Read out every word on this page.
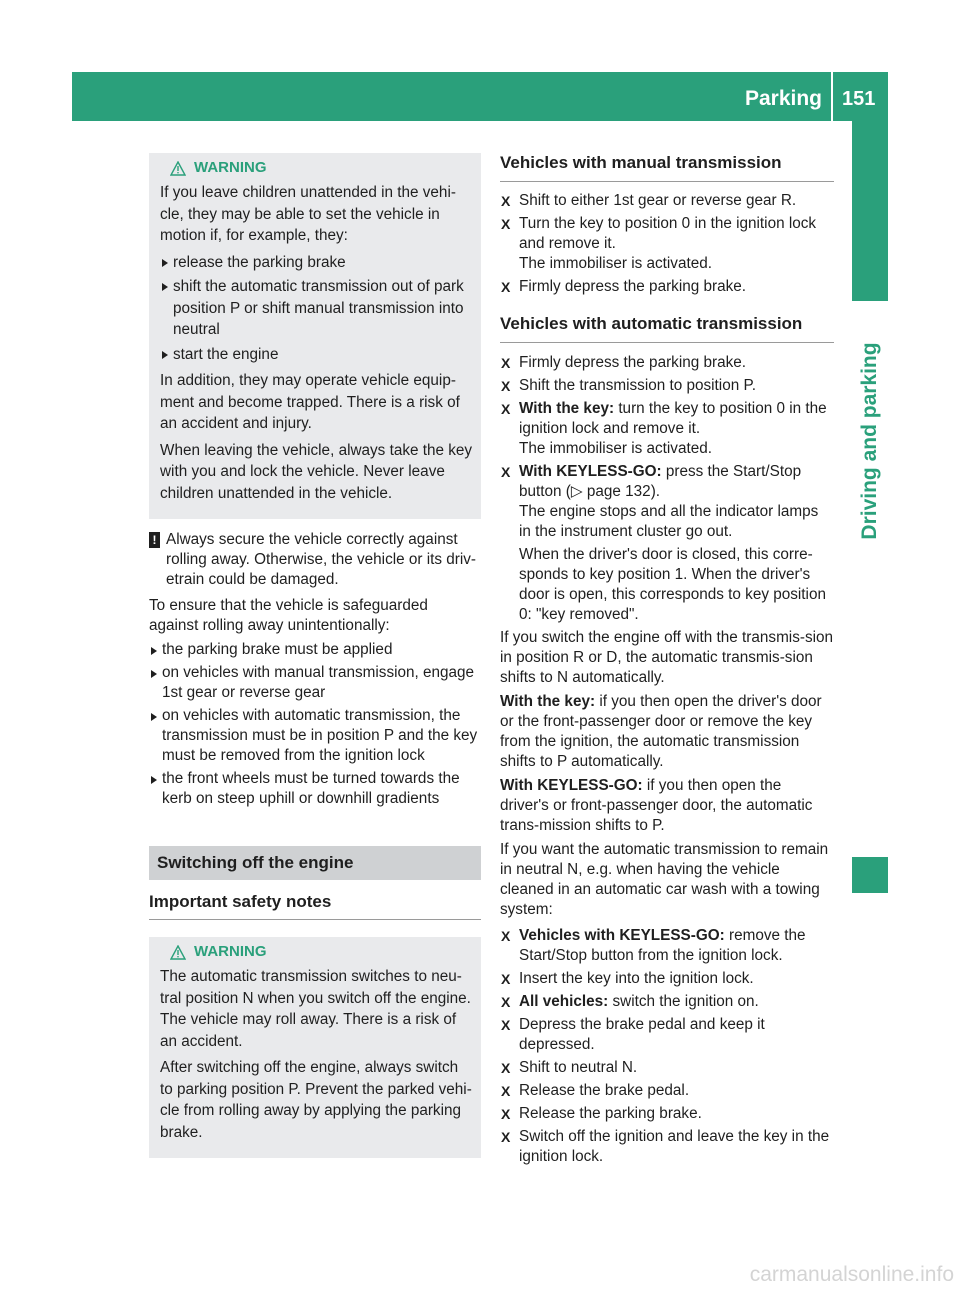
Parking 151
Driving and parking
WARNING

If you leave children unattended in the vehi-cle, they may be able to set the vehicle in motion if, for example, they:

release the parking brake
shift the automatic transmission out of park position P or shift manual transmission into neutral
start the engine

In addition, they may operate vehicle equip-ment and become trapped. There is a risk of an accident and injury.

When leaving the vehicle, always take the key with you and lock the vehicle. Never leave children unattended in the vehicle.

! Always secure the vehicle correctly against rolling away. Otherwise, the vehicle or its driv-etrain could be damaged.

To ensure that the vehicle is safeguarded against rolling away unintentionally:

the parking brake must be applied
on vehicles with manual transmission, engage 1st gear or reverse gear
on vehicles with automatic transmission, the transmission must be in position P and the key must be removed from the ignition lock
the front wheels must be turned towards the kerb on steep uphill or downhill gradients
Switching off the engine
Important safety notes
WARNING

The automatic transmission switches to neu-tral position N when you switch off the engine. The vehicle may roll away. There is a risk of an accident.

After switching off the engine, always switch to parking position P. Prevent the parked vehi-cle from rolling away by applying the parking brake.

Vehicles with manual transmission
X Shift to either 1st gear or reverse gear R.
X Turn the key to position 0 in the ignition lock and remove it.
The immobiliser is activated.
X Firmly depress the parking brake.
Vehicles with automatic transmission
X Firmly depress the parking brake.
X Shift the transmission to position P.
X With the key: turn the key to position 0 in the ignition lock and remove it.
The immobiliser is activated.
X With KEYLESS-GO: press the Start/Stop button (▷ page 132).
The engine stops and all the indicator lamps in the instrument cluster go out.
When the driver's door is closed, this corre-sponds to key position 1. When the driver's door is open, this corresponds to key position 0: "key removed".

If you switch the engine off with the transmis-sion in position R or D, the automatic transmis-sion shifts to N automatically.

With the key: if you then open the driver's door or the front-passenger door or remove the key from the ignition, the automatic transmission shifts to P automatically.

With KEYLESS-GO: if you then open the driver's or front-passenger door, the automatic trans-mission shifts to P.

If you want the automatic transmission to remain in neutral N, e.g. when having the vehicle cleaned in an automatic car wash with a towing system:

X Vehicles with KEYLESS-GO: remove the Start/Stop button from the ignition lock.
X Insert the key into the ignition lock.
X All vehicles: switch the ignition on.
X Depress the brake pedal and keep it depressed.
X Shift to neutral N.
X Release the brake pedal.
X Release the parking brake.
X Switch off the ignition and leave the key in the ignition lock.
carmanualsonline.info
